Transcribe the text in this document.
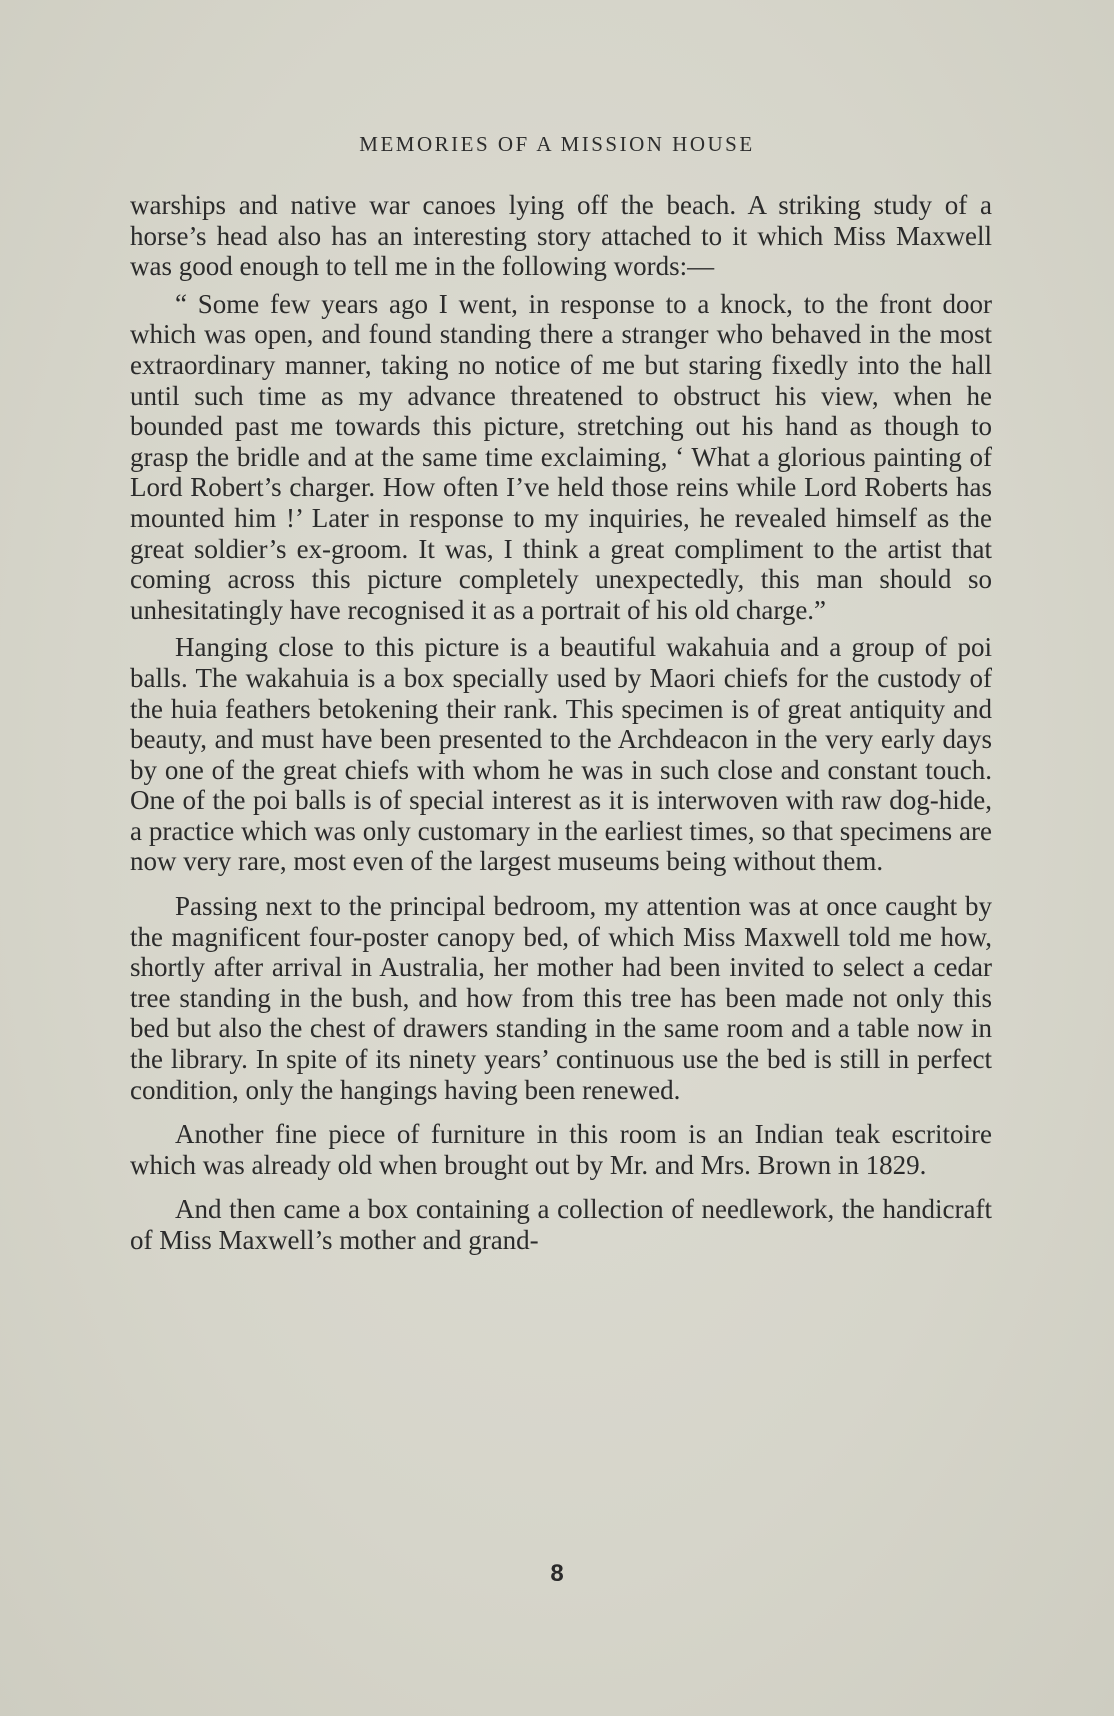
MEMORIES OF A MISSION HOUSE

warships and native war canoes lying off the beach. A striking study of a horse’s head also has an interesting story attached to it which Miss Maxwell was good enough to tell me in the following words:—

“ Some few years ago I went, in response to a knock, to the front door which was open, and found standing there a stranger who behaved in the most extraordinary manner, taking no notice of me but staring fixedly into the hall until such time as my advance threatened to obstruct his view, when he bounded past me towards this picture, stretching out his hand as though to grasp the bridle and at the same time exclaiming, ‘ What a glorious painting of Lord Robert’s charger. How often I’ve held those reins while Lord Roberts has mounted him !’ Later in response to my inquiries, he revealed himself as the great soldier’s ex-groom. It was, I think a great compliment to the artist that coming across this picture completely unexpectedly, this man should so unhesitatingly have recognised it as a portrait of his old charge.”

Hanging close to this picture is a beautiful wakahuia and a group of poi balls. The wakahuia is a box specially used by Maori chiefs for the custody of the huia feathers betokening their rank. This specimen is of great antiquity and beauty, and must have been presented to the Archdeacon in the very early days by one of the great chiefs with whom he was in such close and constant touch. One of the poi balls is of special interest as it is interwoven with raw dog-hide, a practice which was only customary in the earliest times, so that specimens are now very rare, most even of the largest museums being without them.

Passing next to the principal bedroom, my attention was at once caught by the magnificent four-poster canopy bed, of which Miss Maxwell told me how, shortly after arrival in Australia, her mother had been invited to select a cedar tree standing in the bush, and how from this tree has been made not only this bed but also the chest of drawers standing in the same room and a table now in the library. In spite of its ninety years’ continuous use the bed is still in perfect condition, only the hangings having been renewed.

Another fine piece of furniture in this room is an Indian teak escritoire which was already old when brought out by Mr. and Mrs. Brown in 1829.

And then came a box containing a collection of needlework, the handicraft of Miss Maxwell’s mother and grand-

8
